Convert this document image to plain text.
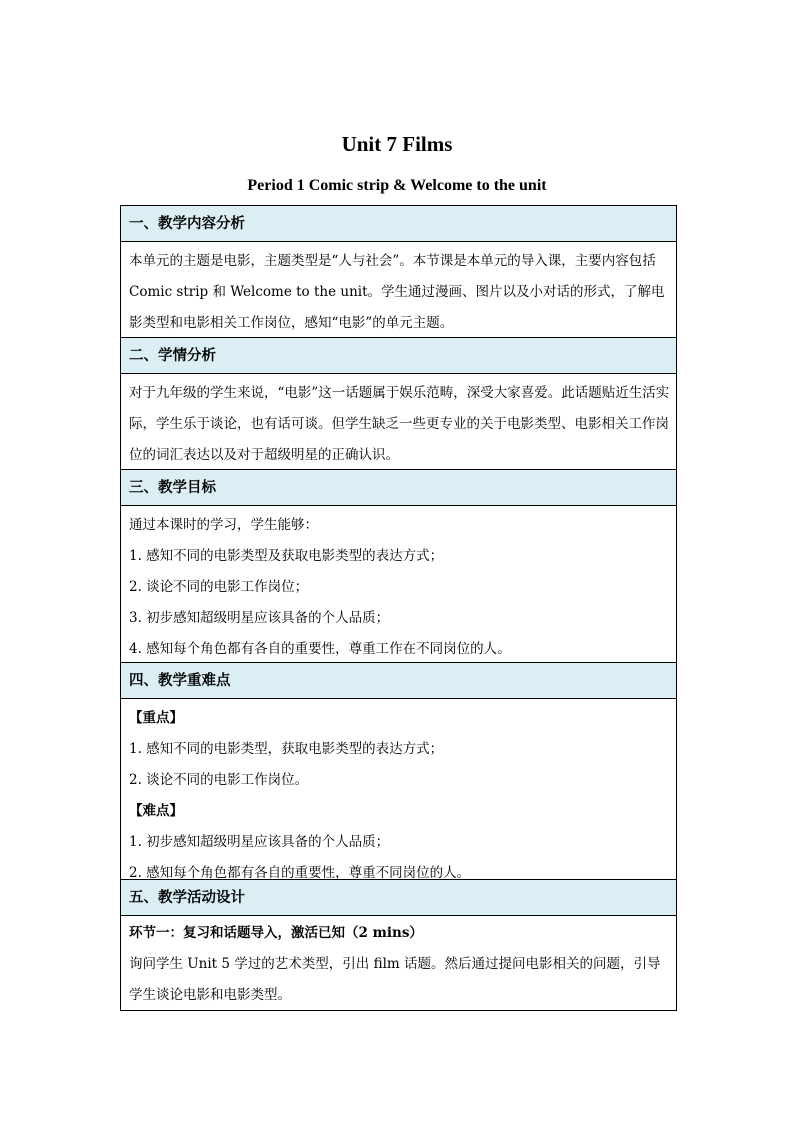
Unit 7 Films
Period 1 Comic strip & Welcome to the unit
一、教学内容分析
本单元的主题是电影，主题类型是“人与社会”。本节课是本单元的导入课，主要内容包括 Comic strip 和 Welcome to the unit。学生通过漫画、图片以及小对话的形式，了解电影类型和电影相关工作岗位，感知“电影”的单元主题。
二、学情分析
对于九年级的学生来说，“电影”这一话题属于娱乐范畴，深受大家喜爱。此话题贴近生活实际，学生乐于谈论，也有话可谈。但学生缺乏一些更专业的关于电影类型、电影相关工作岗位的词汇表达以及对于超级明星的正确认识。
三、教学目标
通过本课时的学习，学生能够：
1. 感知不同的电影类型及获取电影类型的表达方式；
2. 谈论不同的电影工作岗位；
3. 初步感知超级明星应该具备的个人品质；
4. 感知每个角色都有各自的重要性，尊重工作在不同岗位的人。
四、教学重难点
【重点】
1. 感知不同的电影类型，获取电影类型的表达方式；
2. 谈论不同的电影工作岗位。
【难点】
1. 初步感知超级明星应该具备的个人品质；
2. 感知每个角色都有各自的重要性，尊重不同岗位的人。
五、教学活动设计
环节一：复习和话题导入，激活已知（2 mins）
询问学生 Unit 5 学过的艺术类型，引出 film 话题。然后通过提问电影相关的问题，引导学生谈论电影和电影类型。
